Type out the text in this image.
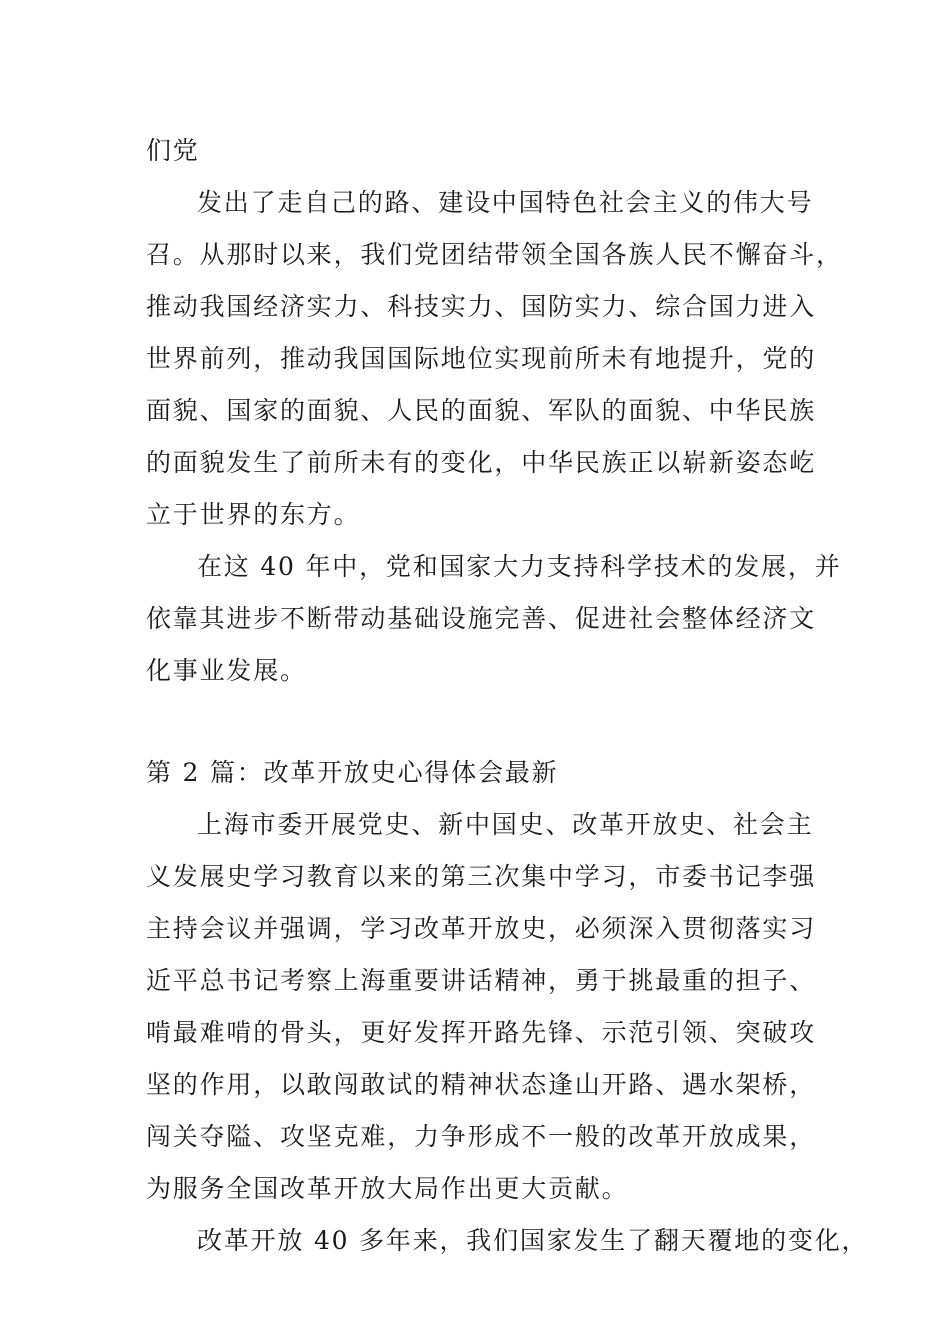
们党
发出了走自己的路、建设中国特色社会主义的伟大号
召。从那时以来，我们党团结带领全国各族人民不懈奋斗，
推动我国经济实力、科技实力、国防实力、综合国力进入
世界前列，推动我国国际地位实现前所未有地提升，党的
面貌、国家的面貌、人民的面貌、军队的面貌、中华民族
的面貌发生了前所未有的变化，中华民族正以崭新姿态屹
立于世界的东方。
在这 40 年中，党和国家大力支持科学技术的发展，并
依靠其进步不断带动基础设施完善、促进社会整体经济文
化事业发展。
第 2 篇：改革开放史心得体会最新
上海市委开展党史、新中国史、改革开放史、社会主
义发展史学习教育以来的第三次集中学习，市委书记李强
主持会议并强调，学习改革开放史，必须深入贯彻落实习
近平总书记考察上海重要讲话精神，勇于挑最重的担子、
啃最难啃的骨头，更好发挥开路先锋、示范引领、突破攻
坚的作用，以敢闯敢试的精神状态逢山开路、遇水架桥，
闯关夺隘、攻坚克难，力争形成不一般的改革开放成果，
为服务全国改革开放大局作出更大贡献。
改革开放 40 多年来，我们国家发生了翻天覆地的变化，
